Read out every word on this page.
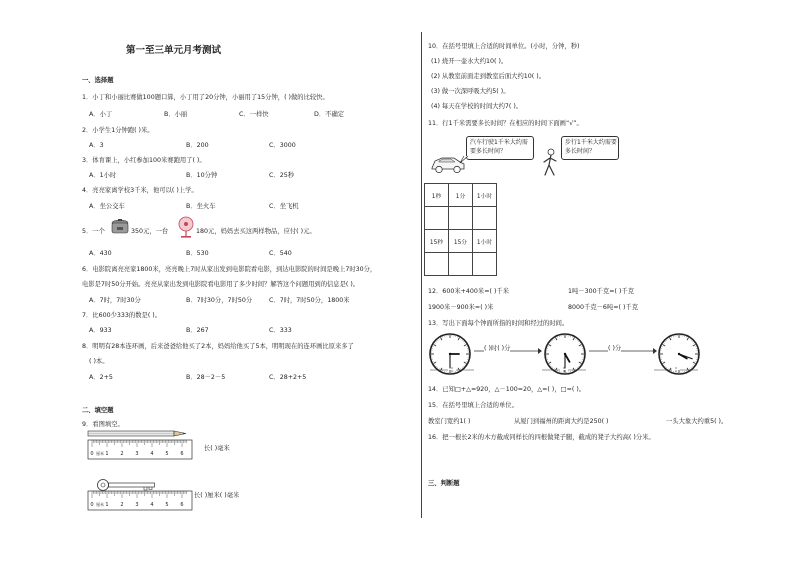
第一至三单元月考测试
一、选择题
1．小丁和小丽比赛做100题口算，小丁用了20分钟，小丽用了15分钟，( )做的比较快。
A．小丁	B．小丽	C．一样快	D．不确定
2．小学生1分钟跑( )米。
A．3	B．200	C．3000
3．体育课上，小红参加100米赛跑用了( )。
A．1小时	B．10分钟	C．25秒
4．亮亮家离学校3千米，他可以( )上学。
A．坐公交车	B．坐火车	C．坐飞机
5．一个	350元，一台	180元，妈妈去买这两样物品，应付( )元。
A．430	B．530	C．540
6．电影院离亮亮家1800米，亮亮晚上7时从家出发到电影院看电影，到达电影院的时间是晚上7时30分，
电影是7时50分开始。亮亮从家出发到电影院看电影用了多少时间？解答这个问题用到的信息是( )。
A．7时，7时30分	B．7时30分，7时50分	C．7时，7时50分，1800米
7．比600少333的数是( )。
A．933	B．267	C．333
8．明明有28本连环画，后来爸爸给他买了2本，妈妈给他买了5本，明明现在的连环画比原来多了
( )本。
A．2+5	B．28－2－5	C．28+2+5
二、填空题
9．看图填空。
0 1 2 3 4 5 6
厘米
长( )毫米
0 1 2 3 4 5 6
厘米
长( )厘米( )毫米
10．在括号里填上合适的时间单位。(小时，分钟，秒)
(1) 烧开一壶水大约10( )。
(2) 从教室前面走到教室后面大约10( )。
(3) 做一次深呼吸大约5( )。
(4) 每天在学校的时间大约7( )。
11．行1千米需要多长时间？在相应的时间下面画“√”。
汽车行驶1千米大约需要多长时间？
步行1千米大约需要多长时间？
1秒	1分	1小时

15秒	15分	1小时

12．600米+400米=( )千米	1吨－300千克=( )千克
1900米－900米=( )米	8000千克－6吨=( )千克
13．写出下面每个钟面所指的时间和经过的时间。
( )时( )分	( )分
14．已知□+△=920，△－100=20，△=( )，□=( )。
15．在括号里填上合适的单位。
教室门宽约1( )	从厦门到福州的距离大约是250( )	一头大象大约重5( )。
16．把一根长2米的木方截成同样长的四根做凳子腿，截成的凳子大约高( )分米。
三、判断题
